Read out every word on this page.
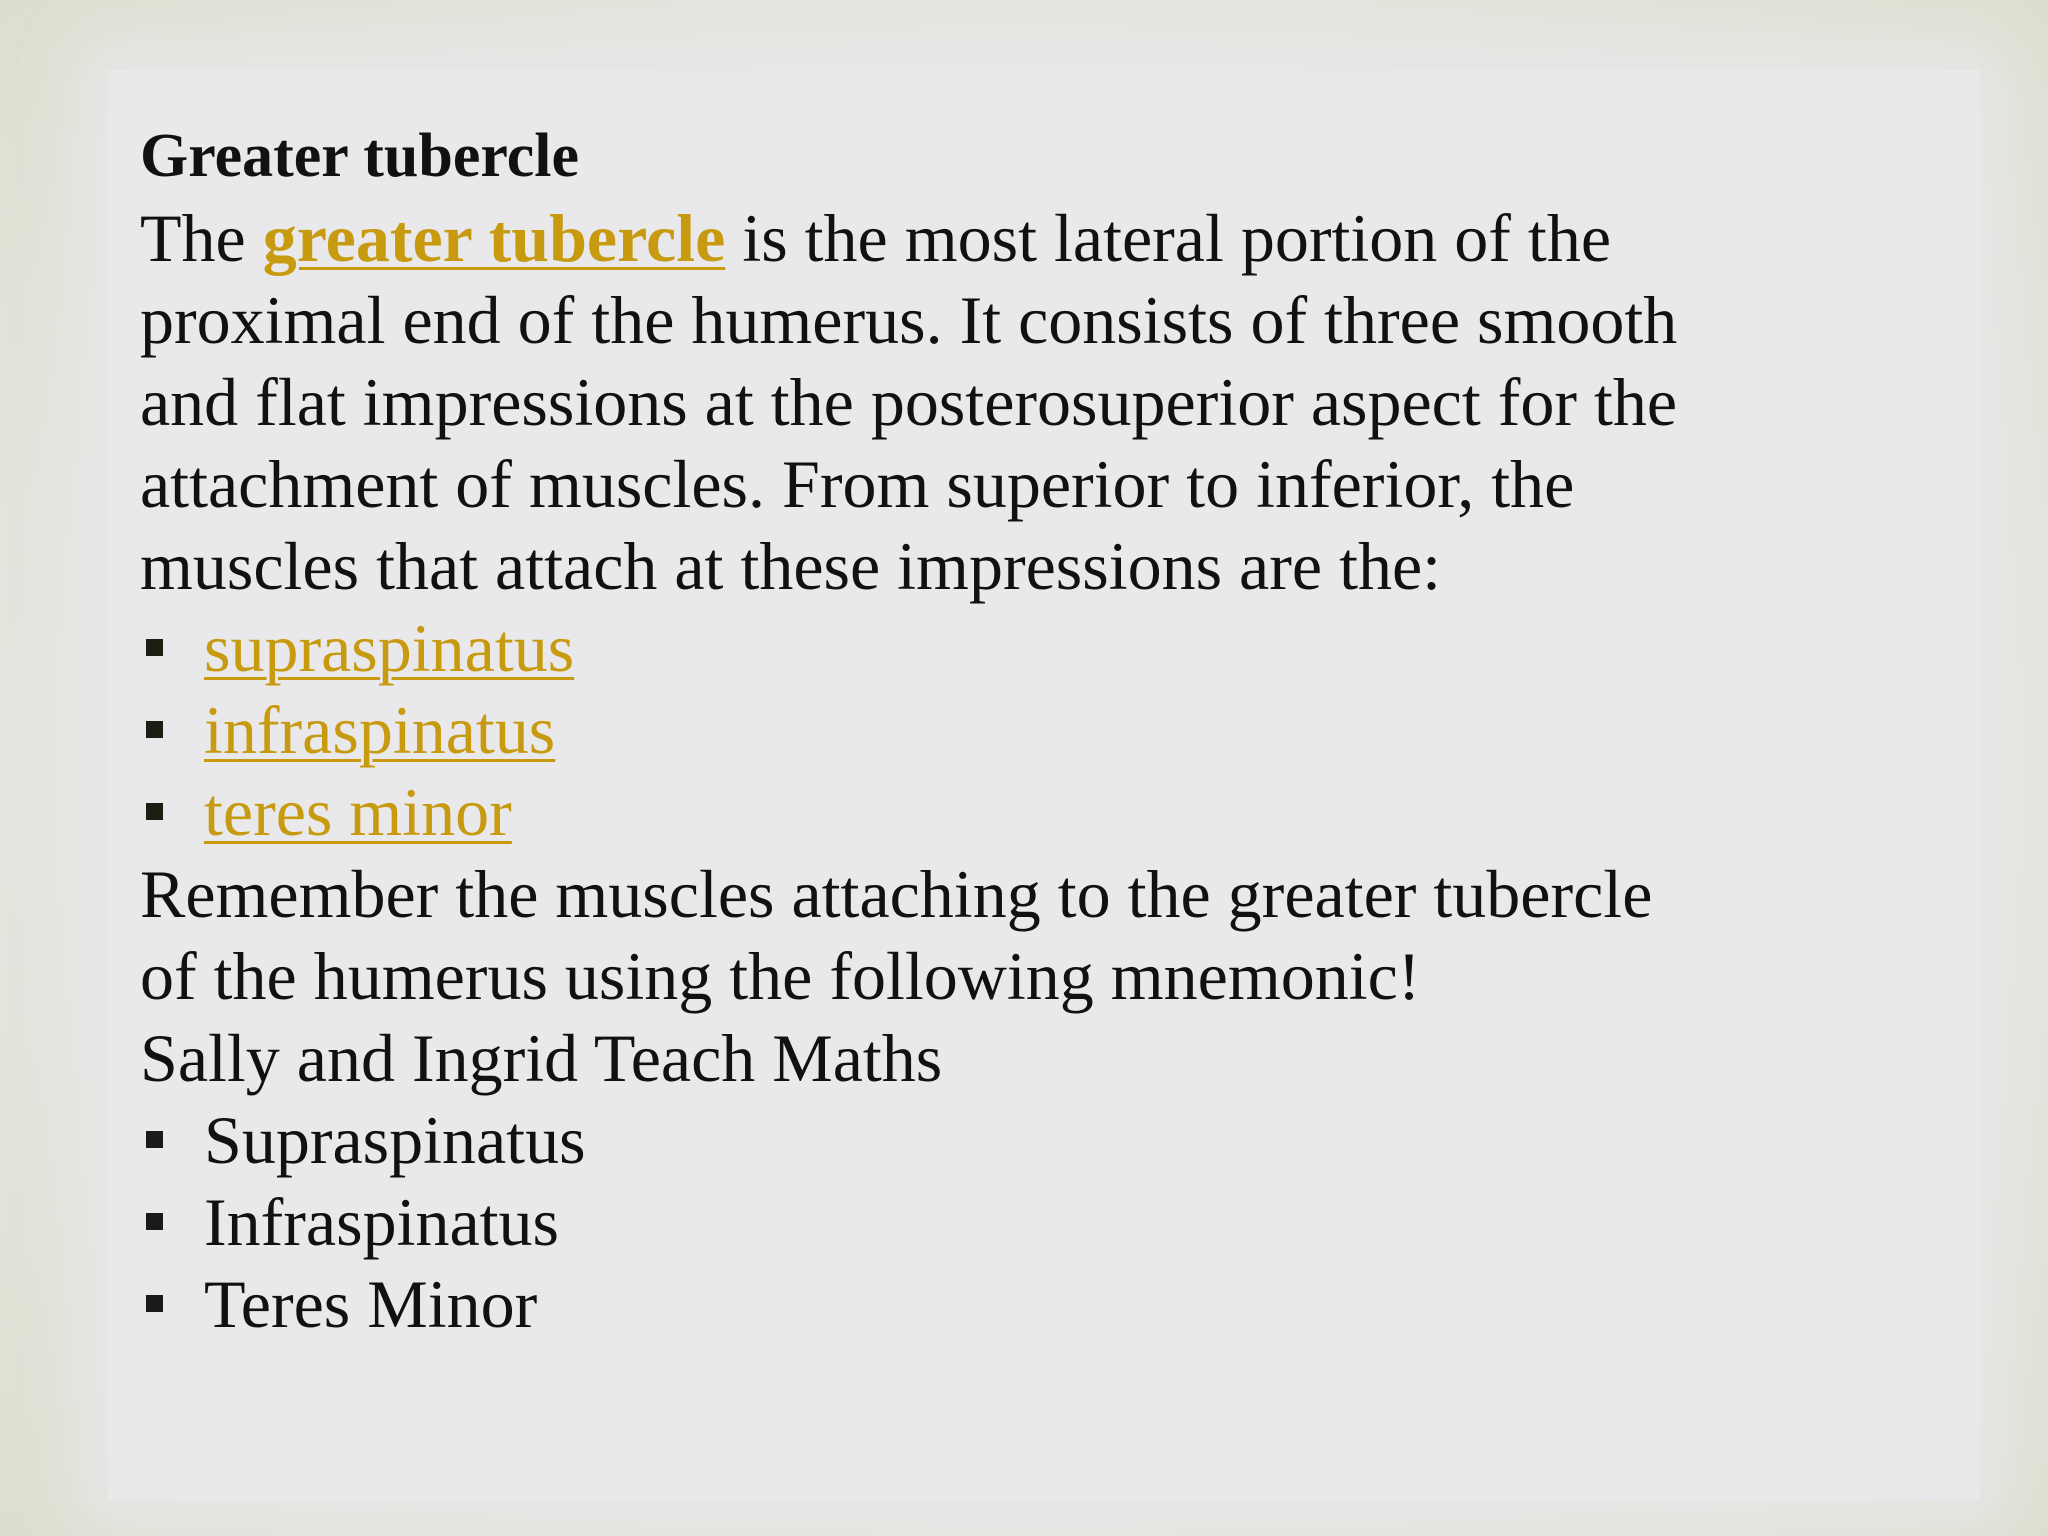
Greater tubercle
The greater tubercle is the most lateral portion of the
proximal end of the humerus. It consists of three smooth
and flat impressions at the posterosuperior aspect for the
attachment of muscles. From superior to inferior, the
muscles that attach at these impressions are the:
supraspinatus
infraspinatus
teres minor
Remember the muscles attaching to the greater tubercle
of the humerus using the following mnemonic!
Sally and Ingrid Teach Maths
Supraspinatus
Infraspinatus
Teres Minor
